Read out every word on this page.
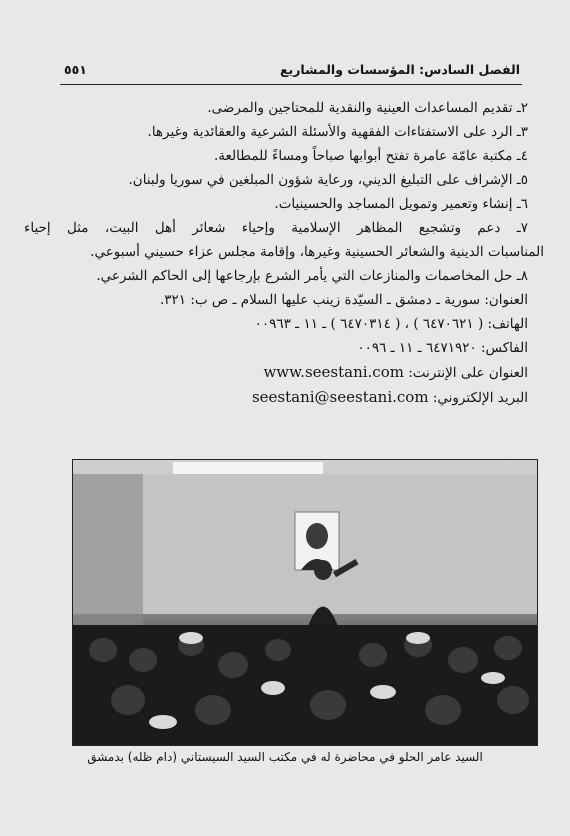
الفصل السادس: المؤسسات والمشاريع
٥٥١
٢ـ تقديم المساعدات العينية والنقدية للمحتاجين والمرضى.
٣ـ الرد على الاستفتاءات الفقهية والأسئلة الشرعية والعقائدية وغيرها.
٤ـ مكتبة عامّة عامرة تفتح أبوابها صباحاً ومساءً للمطالعة.
٥ـ الإشراف على التبليغ الديني، ورعاية شؤون المبلغين في سوريا ولبنان.
٦ـ إنشاء وتعمير وتمويل المساجد والحسينيات.
٧ـ دعم وتشجيع المظاهر الإسلامية وإحياء شعائر أهل البيت، مثل إحياء
المناسبات الدينية والشعائر الحسينية وغيرها، وإقامة مجلس عزاء حسيني أسبوعي.
٨ـ حل المخاصمات والمنازعات التي يأمر الشرع بإرجاعها إلى الحاكم الشرعي.
العنوان: سورية ـ دمشق ـ السيّدة زينب عليها السلام ـ ص ب: ٣٢١.
الهاتف: ( ٦٤٧٠٦٢١ ) ، ( ٦٤٧٠٣١٤ ) ـ ١١ ـ ٠٠٩٦٣
الفاكس: ٦٤٧١٩٢٠ ـ ١١ ـ ٠٠٩٦
العنوان على الإنترنت: www.seestani.com
البريد الإلكتروني: seestani@seestani.com
السيد عامر الحلو في محاضرة له في مكتب السيد السيستاني (دام ظله) بدمشق
